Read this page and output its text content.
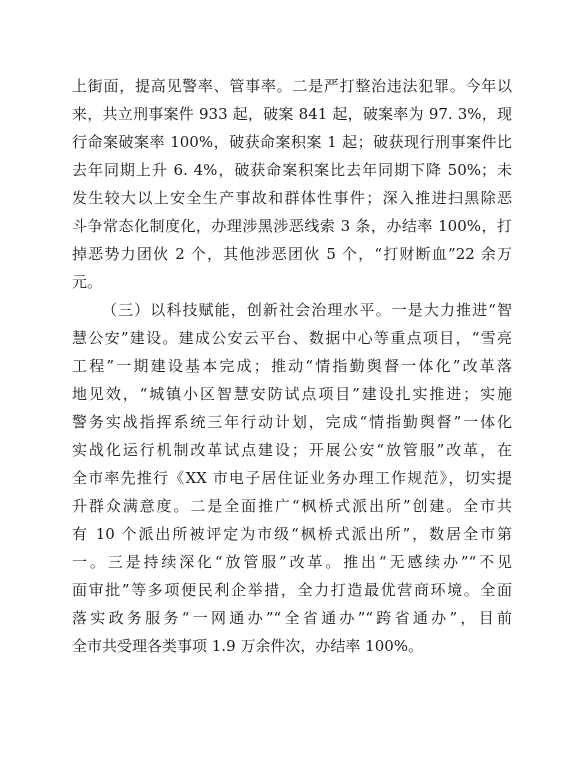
上街面，提高见警率、管事率。二是严打整治违法犯罪。今年以
来，共立刑事案件 933 起，破案 841 起，破案率为 97. 3%，现
行命案破案率 100%，破获命案积案 1 起；破获现行刑事案件比
去年同期上升 6. 4%，破获命案积案比去年同期下降 50%；未
发生较大以上安全生产事故和群体性事件；深入推进扫黑除恶
斗争常态化制度化，办理涉黑涉恶线索 3 条，办结率 100%，打
掉恶势力团伙 2 个，其他涉恶团伙 5 个，“打财断血”22 余万
元。
（三）以科技赋能，创新社会治理水平。一是大力推进“智
慧公安”建设。建成公安云平台、数据中心等重点项目，“雪亮
工程”一期建设基本完成；推动“情指勤舆督一体化”改革落
地见效，“城镇小区智慧安防试点项目”建设扎实推进；实施
警务实战指挥系统三年行动计划，完成“情指勤舆督”一体化
实战化运行机制改革试点建设；开展公安“放管服”改革，在
全市率先推行《XX 市电子居住证业务办理工作规范》，切实提
升群众满意度。二是全面推广“枫桥式派出所”创建。全市共
有 10 个派出所被评定为市级“枫桥式派出所”，数居全市第
一。三是持续深化“放管服”改革。推出“无感续办”“不见
面审批”等多项便民利企举措，全力打造最优营商环境。全面
落实政务服务“一网通办”“全省通办”“跨省通办”，目前
全市共受理各类事项 1.9 万余件次，办结率 100%。
